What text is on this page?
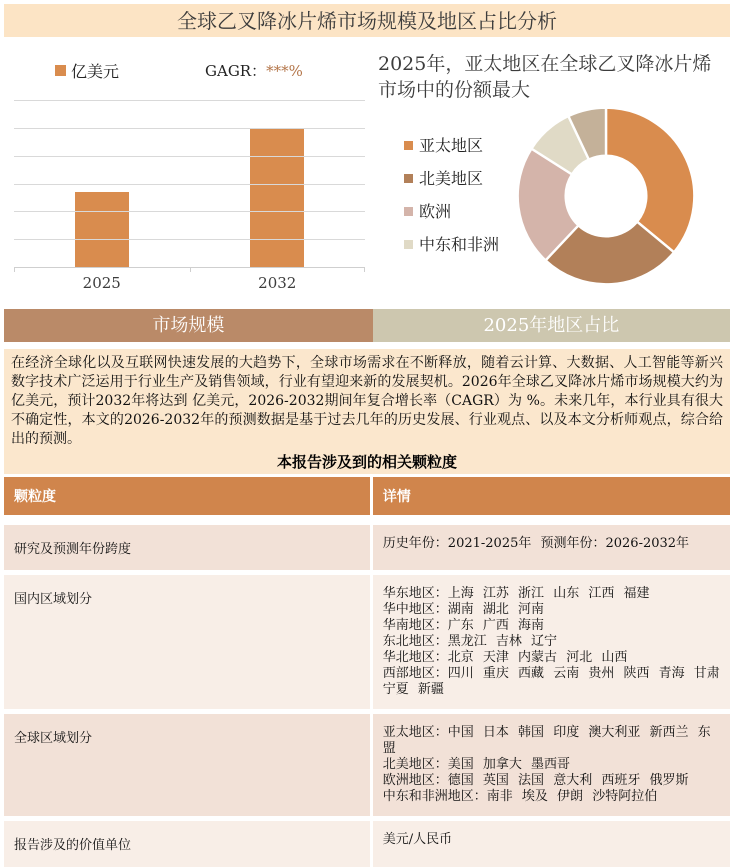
全球乙叉降冰片烯市场规模及地区占比分析
亿美元	GAGR：***%
2025	2032
2025年，亚太地区在全球乙叉降冰片烯市场中的份额最大
亚太地区
北美地区
欧洲
中东和非洲
市场规模	2025年地区占比
在经济全球化以及互联网快速发展的大趋势下，全球市场需求在不断释放，随着云计算、大数据、人工智能等新兴数字技术广泛运用于行业生产及销售领域，行业有望迎来新的发展契机。2026年全球乙叉降冰片烯市场规模大约为 亿美元，预计2032年将达到 亿美元，2026-2032期间年复合增长率（CAGR）为 %。未来几年，本行业具有很大不确定性，本文的2026-2032年的预测数据是基于过去几年的历史发展、行业观点、以及本文分析师观点，综合给出的预测。
本报告涉及到的相关颗粒度
颗粒度	详情
研究及预测年份跨度	历史年份：2021-2025年 预测年份：2026-2032年
国内区域划分	华东地区：上海 江苏 浙江 山东 江西 福建
华中地区：湖南 湖北 河南
华南地区：广东 广西 海南
东北地区：黑龙江 吉林 辽宁
华北地区：北京 天津 内蒙古 河北 山西
西部地区：四川 重庆 西藏 云南 贵州 陕西 青海 甘肃 宁夏 新疆
全球区域划分	亚太地区：中国 日本 韩国 印度 澳大利亚 新西兰 东盟
北美地区：美国 加拿大 墨西哥
欧洲地区：德国 英国 法国 意大利 西班牙 俄罗斯
中东和非洲地区：南非 埃及 伊朗 沙特阿拉伯
报告涉及的价值单位	美元/人民币
